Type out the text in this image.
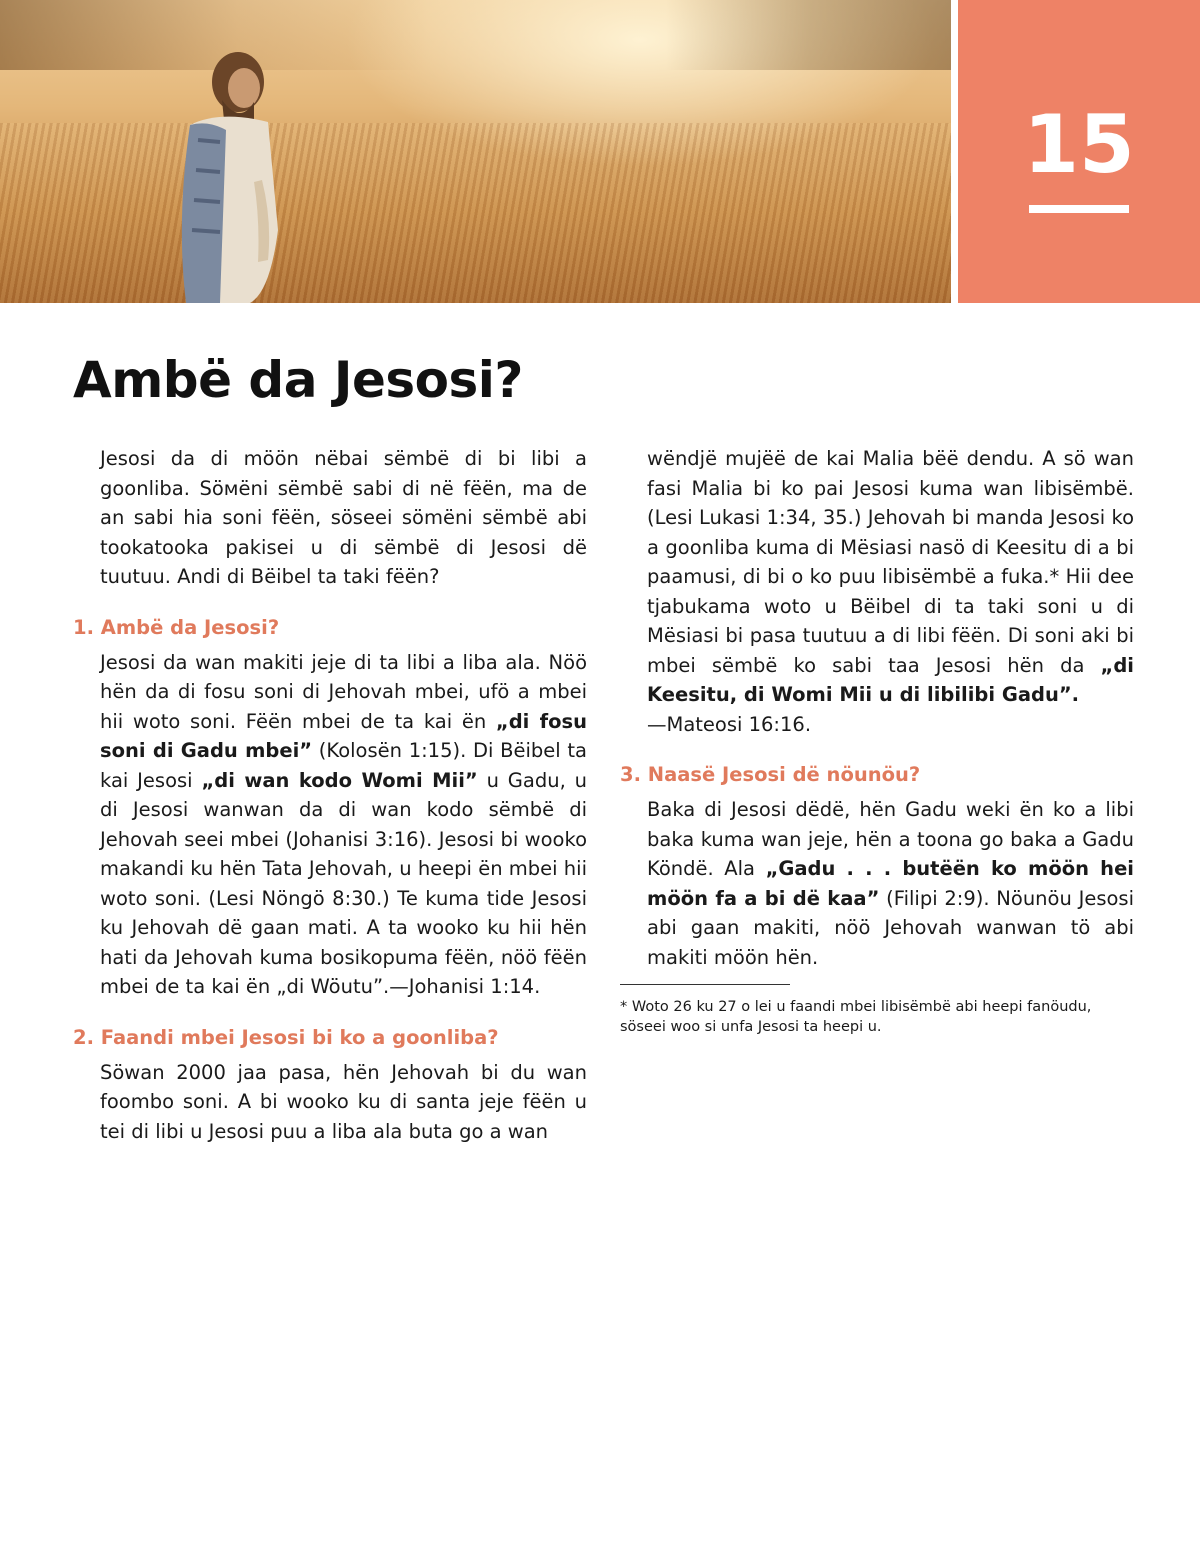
15
Ambë da Jesosi?

Jesosi da di möön nëbai sëmbë di bi libi a goonliba. Söмëni sëmbë sabi di në fëën, ma de an sabi hia soni fëën, söseei sömëni sëmbë abi tookatooka pakisei u di sëmbë di Jesosi dë tuutuu. Andi di Bëibel ta taki fëën?

1. Ambë da Jesosi?

Jesosi da wan makiti jeje di ta libi a liba ala. Nöö hën da di fosu soni di Jehovah mbei, ufö a mbei hii woto soni. Fëën mbei de ta kai ën „di fosu soni di Gadu mbei” (Kolosën 1:15). Di Bëibel ta kai Jesosi „di wan kodo Womi Mii” u Gadu, u di Jesosi wanwan da di wan kodo sëmbë di Jehovah seei mbei (Johanisi 3:16). Jesosi bi wooko makandi ku hën Tata Jehovah, u heepi ën mbei hii woto soni. (Lesi Nöngö 8:30.) Te kuma tide Jesosi ku Jehovah dë gaan mati. A ta wooko ku hii hën hati da Jehovah kuma bosikopuma fëën, nöö fëën mbei de ta kai ën „di Wöutu”.—Johanisi 1:14.

2. Faandi mbei Jesosi bi ko a goonliba?

Söwan 2000 jaa pasa, hën Jehovah bi du wan foombo soni. A bi wooko ku di santa jeje fëën u tei di libi u Jesosi puu a liba ala buta go a wan

wëndjë mujëë de kai Malia bëë dendu. A sö wan fasi Malia bi ko pai Jesosi kuma wan libisëmbë. (Lesi Lukasi 1:34, 35.) Jehovah bi manda Jesosi ko a goonliba kuma di Mësiasi nasö di Keesitu di a bi paamusi, di bi o ko puu libisëmbë a fuka.* Hii dee tjabukama woto u Bëibel di ta taki soni u di Mësiasi bi pasa tuutuu a di libi fëën. Di soni aki bi mbei sëmbë ko sabi taa Jesosi hën da „di Keesitu, di Womi Mii u di libilibi Gadu”.
—Mateosi 16:16.

3. Naasë Jesosi dë nöunöu?

Baka di Jesosi dëdë, hën Gadu weki ën ko a libi baka kuma wan jeje, hën a toona go baka a Gadu Köndë. Ala „Gadu . . . butëën ko möön hei möön fa a bi dë kaa” (Filipi 2:9). Nöunöu Jesosi abi gaan makiti, nöö Jehovah wanwan tö abi makiti möön hën.

* Woto 26 ku 27 o lei u faandi mbei libisëmbë abi heepi fanöudu, söseei woo si unfa Jesosi ta heepi u.
